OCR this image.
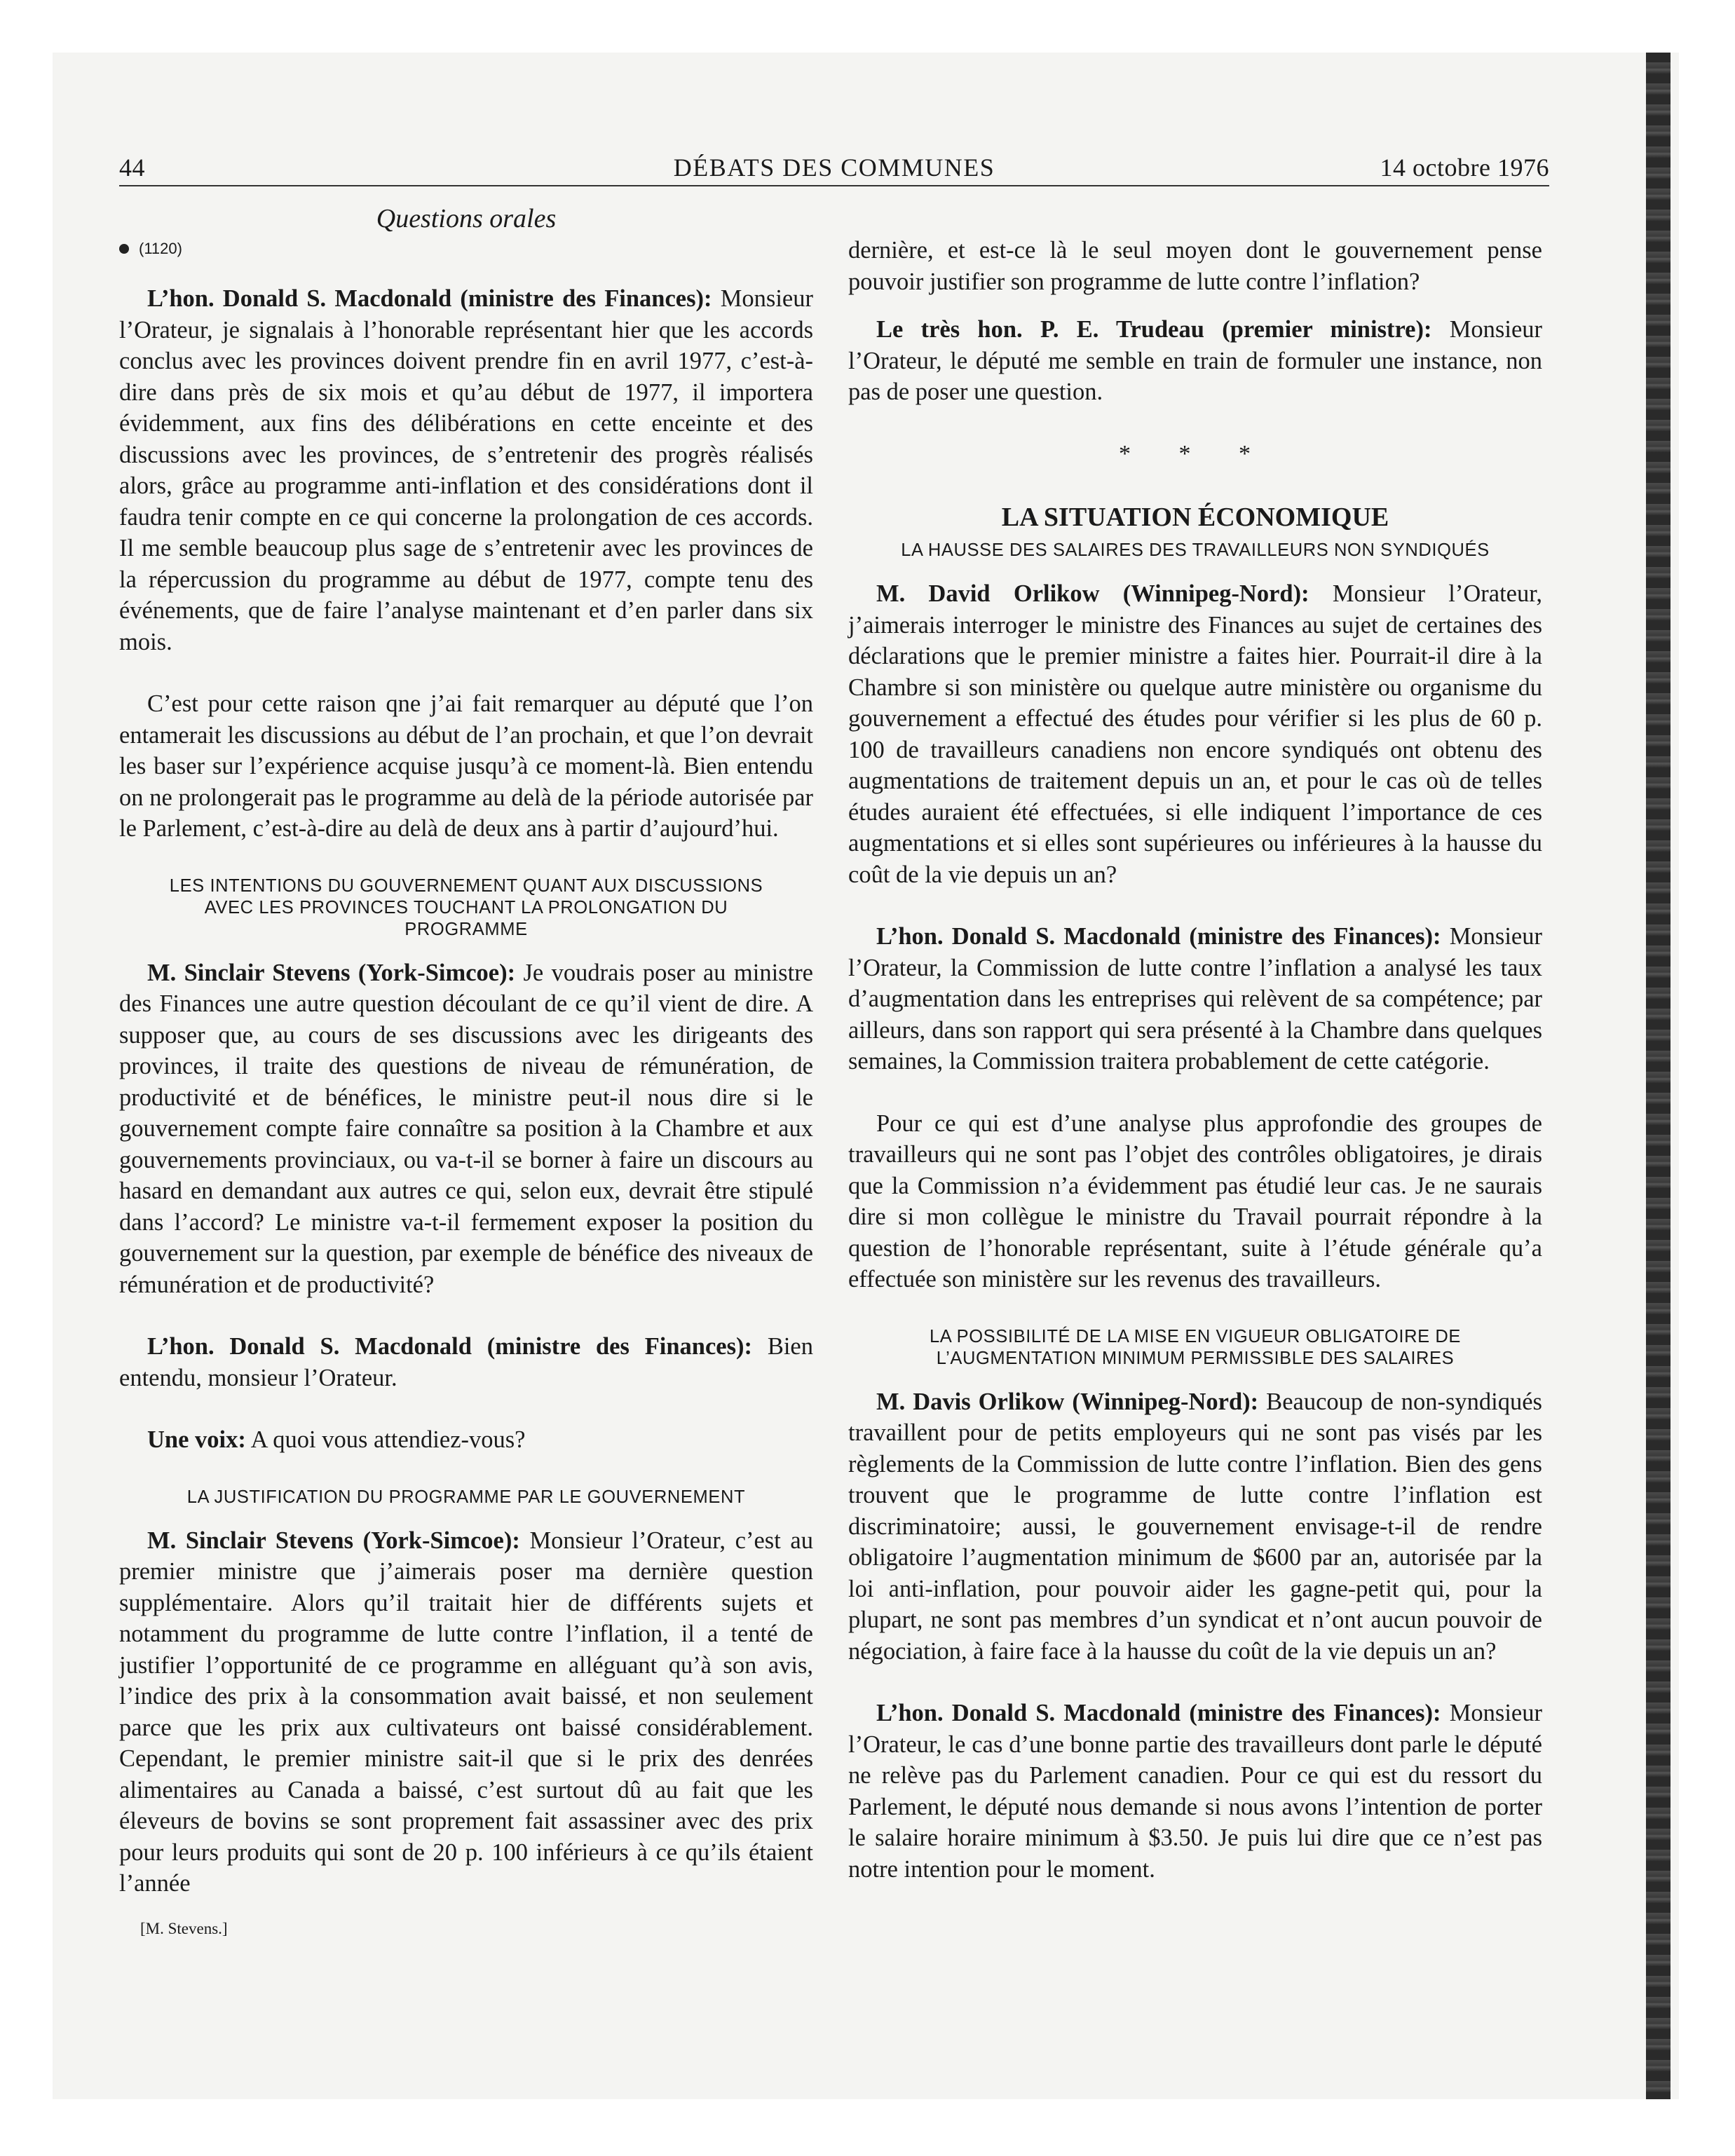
44	DÉBATS DES COMMUNES	14 octobre 1976
Questions orales
(1120)

L’hon. Donald S. Macdonald (ministre des Finances): Monsieur l’Orateur, je signalais à l’honorable représentant hier que les accords conclus avec les provinces doivent prendre fin en avril 1977, c’est-à-dire dans près de six mois et qu’au début de 1977, il importera évidemment, aux fins des délibérations en cette enceinte et des discussions avec les provinces, de s’entretenir des progrès réalisés alors, grâce au programme anti-inflation et des considérations dont il faudra tenir compte en ce qui concerne la prolongation de ces accords. Il me semble beaucoup plus sage de s’entretenir avec les provinces de la répercussion du programme au début de 1977, compte tenu des événements, que de faire l’analyse maintenant et d’en parler dans six mois.

C’est pour cette raison qne j’ai fait remarquer au député que l’on entamerait les discussions au début de l’an prochain, et que l’on devrait les baser sur l’expérience acquise jusqu’à ce moment-là. Bien entendu on ne prolongerait pas le programme au delà de la période autorisée par le Parlement, c’est-à-dire au delà de deux ans à partir d’aujourd’hui.

LES INTENTIONS DU GOUVERNEMENT QUANT AUX DISCUSSIONS AVEC LES PROVINCES TOUCHANT LA PROLONGATION DU PROGRAMME

M. Sinclair Stevens (York-Simcoe): Je voudrais poser au ministre des Finances une autre question découlant de ce qu’il vient de dire. A supposer que, au cours de ses discussions avec les dirigeants des provinces, il traite des questions de niveau de rémunération, de productivité et de bénéfices, le ministre peut-il nous dire si le gouvernement compte faire connaître sa position à la Chambre et aux gouvernements provinciaux, ou va-t-il se borner à faire un discours au hasard en demandant aux autres ce qui, selon eux, devrait être stipulé dans l’accord? Le ministre va-t-il fermement exposer la position du gouvernement sur la question, par exemple de bénéfice des niveaux de rémunération et de productivité?

L’hon. Donald S. Macdonald (ministre des Finances): Bien entendu, monsieur l’Orateur.

Une voix: A quoi vous attendiez-vous?

LA JUSTIFICATION DU PROGRAMME PAR LE GOUVERNEMENT

M. Sinclair Stevens (York-Simcoe): Monsieur l’Orateur, c’est au premier ministre que j’aimerais poser ma dernière question supplémentaire. Alors qu’il traitait hier de différents sujets et notamment du programme de lutte contre l’inflation, il a tenté de justifier l’opportunité de ce programme en alléguant qu’à son avis, l’indice des prix à la consommation avait baissé, et non seulement parce que les prix aux cultivateurs ont baissé considérablement. Cependant, le premier ministre sait-il que si le prix des denrées alimentaires au Canada a baissé, c’est surtout dû au fait que les éleveurs de bovins se sont proprement fait assassiner avec des prix pour leurs produits qui sont de 20 p. 100 inférieurs à ce qu’ils étaient l’année

[M. Stevens.]

dernière, et est-ce là le seul moyen dont le gouvernement pense pouvoir justifier son programme de lutte contre l’inflation?

Le très hon. P. E. Trudeau (premier ministre): Monsieur l’Orateur, le député me semble en train de formuler une instance, non pas de poser une question.

* * *
LA SITUATION ÉCONOMIQUE
LA HAUSSE DES SALAIRES DES TRAVAILLEURS NON SYNDIQUÉS

M. David Orlikow (Winnipeg-Nord): Monsieur l’Orateur, j’aimerais interroger le ministre des Finances au sujet de certaines des déclarations que le premier ministre a faites hier. Pourrait-il dire à la Chambre si son ministère ou quelque autre ministère ou organisme du gouvernement a effectué des études pour vérifier si les plus de 60 p. 100 de travailleurs canadiens non encore syndiqués ont obtenu des augmentations de traitement depuis un an, et pour le cas où de telles études auraient été effectuées, si elle indiquent l’importance de ces augmentations et si elles sont supérieures ou inférieures à la hausse du coût de la vie depuis un an?

L’hon. Donald S. Macdonald (ministre des Finances): Monsieur l’Orateur, la Commission de lutte contre l’inflation a analysé les taux d’augmentation dans les entreprises qui relèvent de sa compétence; par ailleurs, dans son rapport qui sera présenté à la Chambre dans quelques semaines, la Commission traitera probablement de cette catégorie.

Pour ce qui est d’une analyse plus approfondie des groupes de travailleurs qui ne sont pas l’objet des contrôles obligatoires, je dirais que la Commission n’a évidemment pas étudié leur cas. Je ne saurais dire si mon collègue le ministre du Travail pourrait répondre à la question de l’honorable représentant, suite à l’étude générale qu’a effectuée son ministère sur les revenus des travailleurs.

LA POSSIBILITÉ DE LA MISE EN VIGUEUR OBLIGATOIRE DE L’AUGMENTATION MINIMUM PERMISSIBLE DES SALAIRES

M. Davis Orlikow (Winnipeg-Nord): Beaucoup de non-syndiqués travaillent pour de petits employeurs qui ne sont pas visés par les règlements de la Commission de lutte contre l’inflation. Bien des gens trouvent que le programme de lutte contre l’inflation est discriminatoire; aussi, le gouvernement envisage-t-il de rendre obligatoire l’augmentation minimum de $600 par an, autorisée par la loi anti-inflation, pour pouvoir aider les gagne-petit qui, pour la plupart, ne sont pas membres d’un syndicat et n’ont aucun pouvoir de négociation, à faire face à la hausse du coût de la vie depuis un an?

L’hon. Donald S. Macdonald (ministre des Finances): Monsieur l’Orateur, le cas d’une bonne partie des travailleurs dont parle le député ne relève pas du Parlement canadien. Pour ce qui est du ressort du Parlement, le député nous demande si nous avons l’intention de porter le salaire horaire minimum à $3.50. Je puis lui dire que ce n’est pas notre intention pour le moment.
